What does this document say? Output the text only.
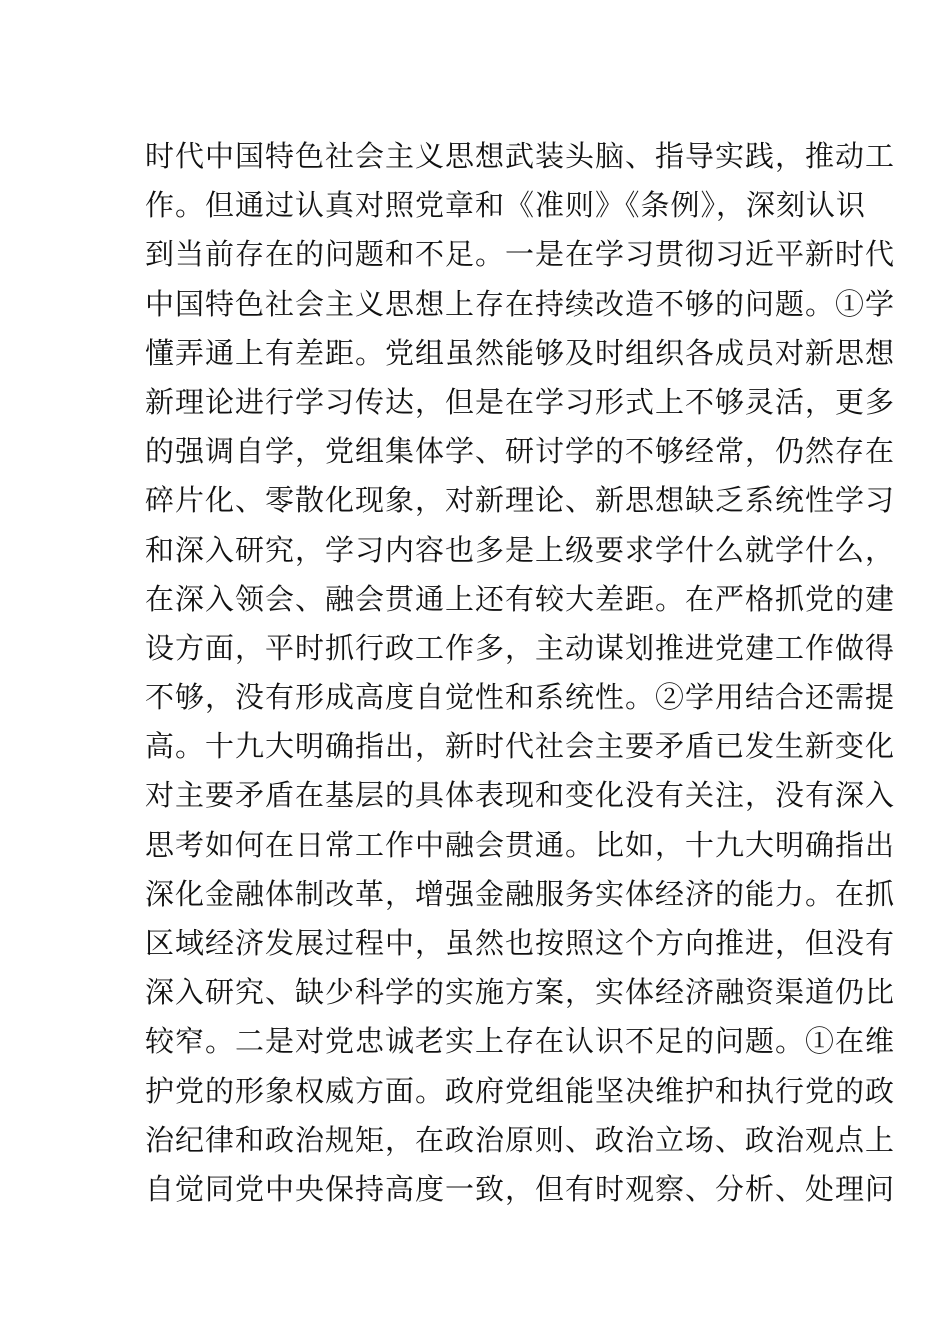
时代中国特色社会主义思想武装头脑、指导实践，推动工
作。但通过认真对照党章和《准则》《条例》，深刻认识
到当前存在的问题和不足。一是在学习贯彻习近平新时代
中国特色社会主义思想上存在持续改造不够的问题。①学
懂弄通上有差距。党组虽然能够及时组织各成员对新思想
新理论进行学习传达，但是在学习形式上不够灵活，更多
的强调自学，党组集体学、研讨学的不够经常，仍然存在
碎片化、零散化现象，对新理论、新思想缺乏系统性学习
和深入研究，学习内容也多是上级要求学什么就学什么，
在深入领会、融会贯通上还有较大差距。在严格抓党的建
设方面，平时抓行政工作多，主动谋划推进党建工作做得
不够，没有形成高度自觉性和系统性。②学用结合还需提
高。十九大明确指出，新时代社会主要矛盾已发生新变化
对主要矛盾在基层的具体表现和变化没有关注，没有深入
思考如何在日常工作中融会贯通。比如，十九大明确指出
深化金融体制改革，增强金融服务实体经济的能力。在抓
区域经济发展过程中，虽然也按照这个方向推进，但没有
深入研究、缺少科学的实施方案，实体经济融资渠道仍比
较窄。二是对党忠诚老实上存在认识不足的问题。①在维
护党的形象权威方面。政府党组能坚决维护和执行党的政
治纪律和政治规矩，在政治原则、政治立场、政治观点上
自觉同党中央保持高度一致，但有时观察、分析、处理问
